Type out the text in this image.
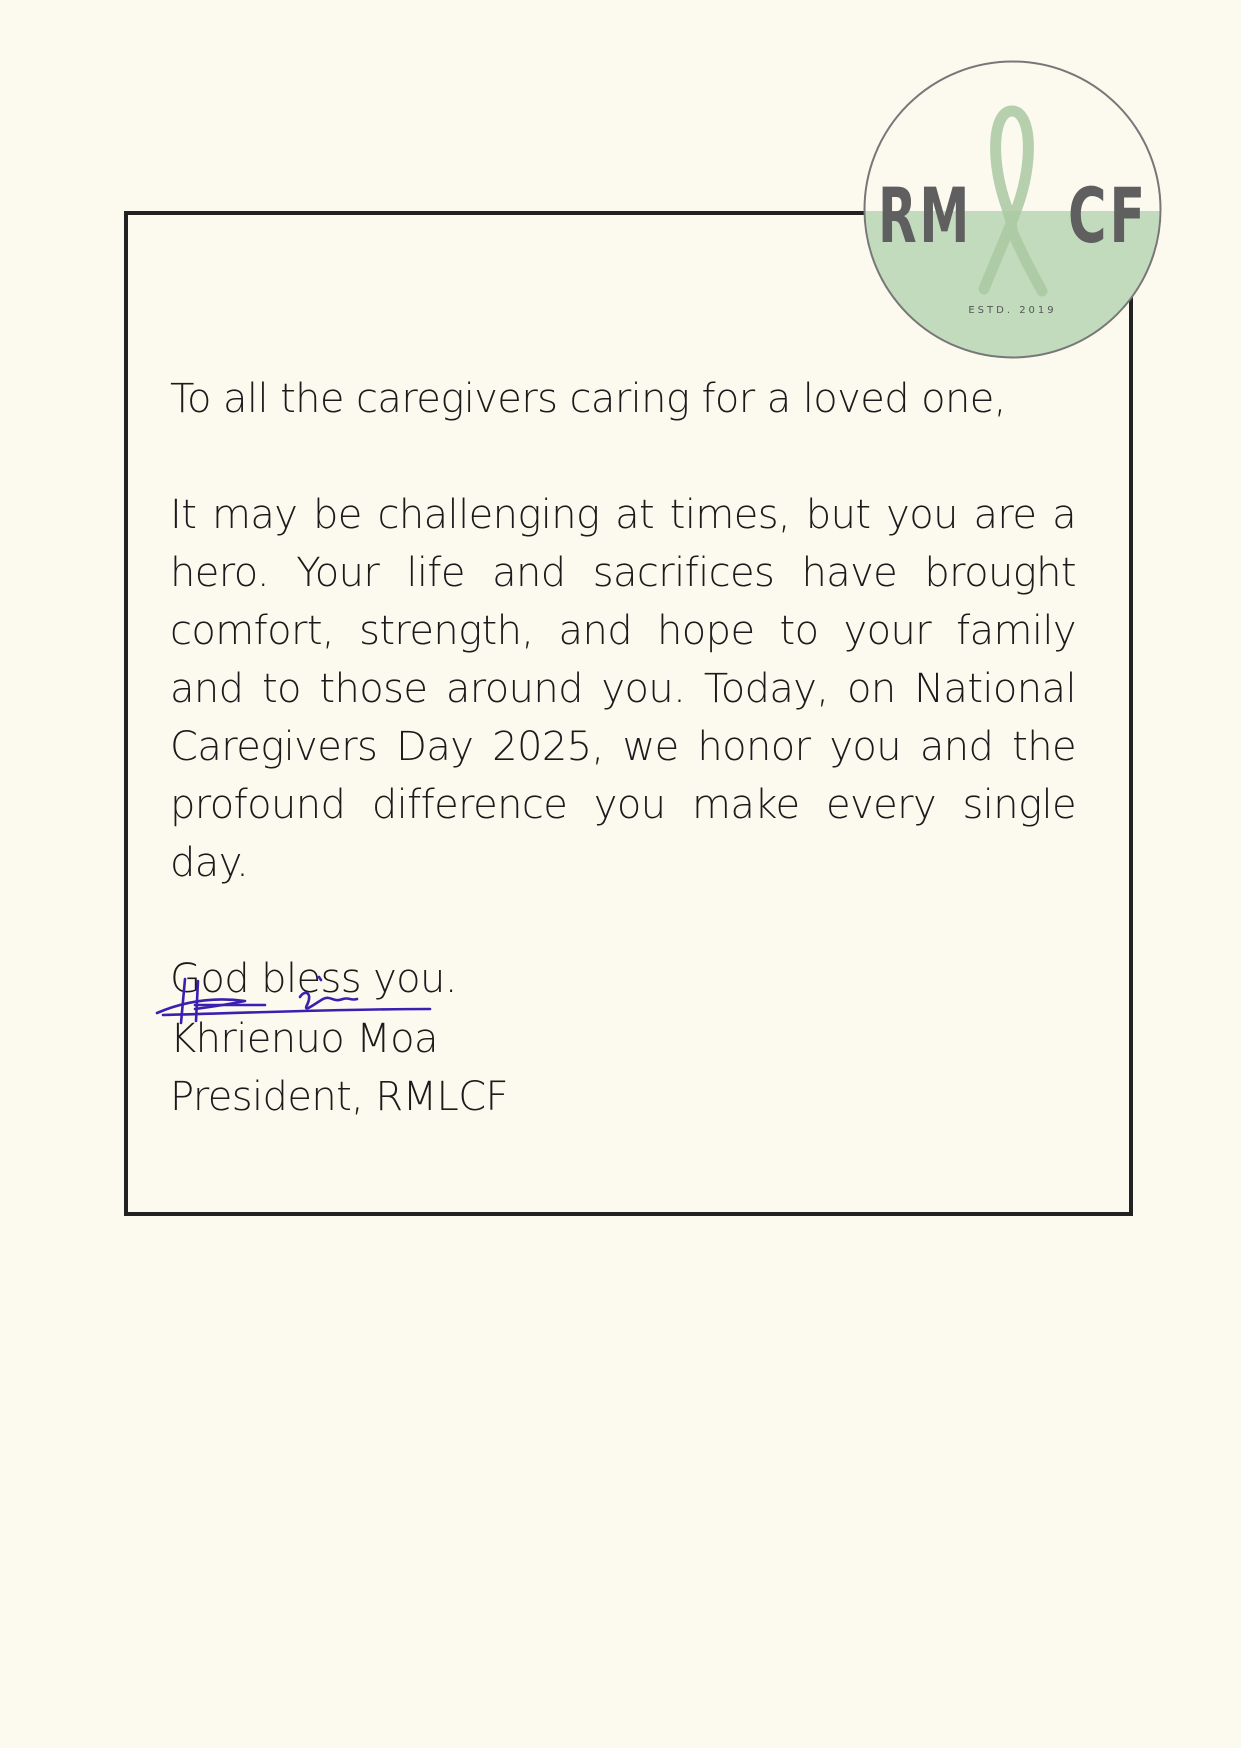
RM CF
ESTD. 2019

To all the caregivers caring for a loved one,

It may be challenging at times, but you are a hero. Your life and sacrifices have brought comfort, strength, and hope to your family and to those around you. Today, on National Caregivers Day 2025, we honor you and the profound difference you make every single day.

God bless you.

Khrienuo Moa
President, RMLCF
